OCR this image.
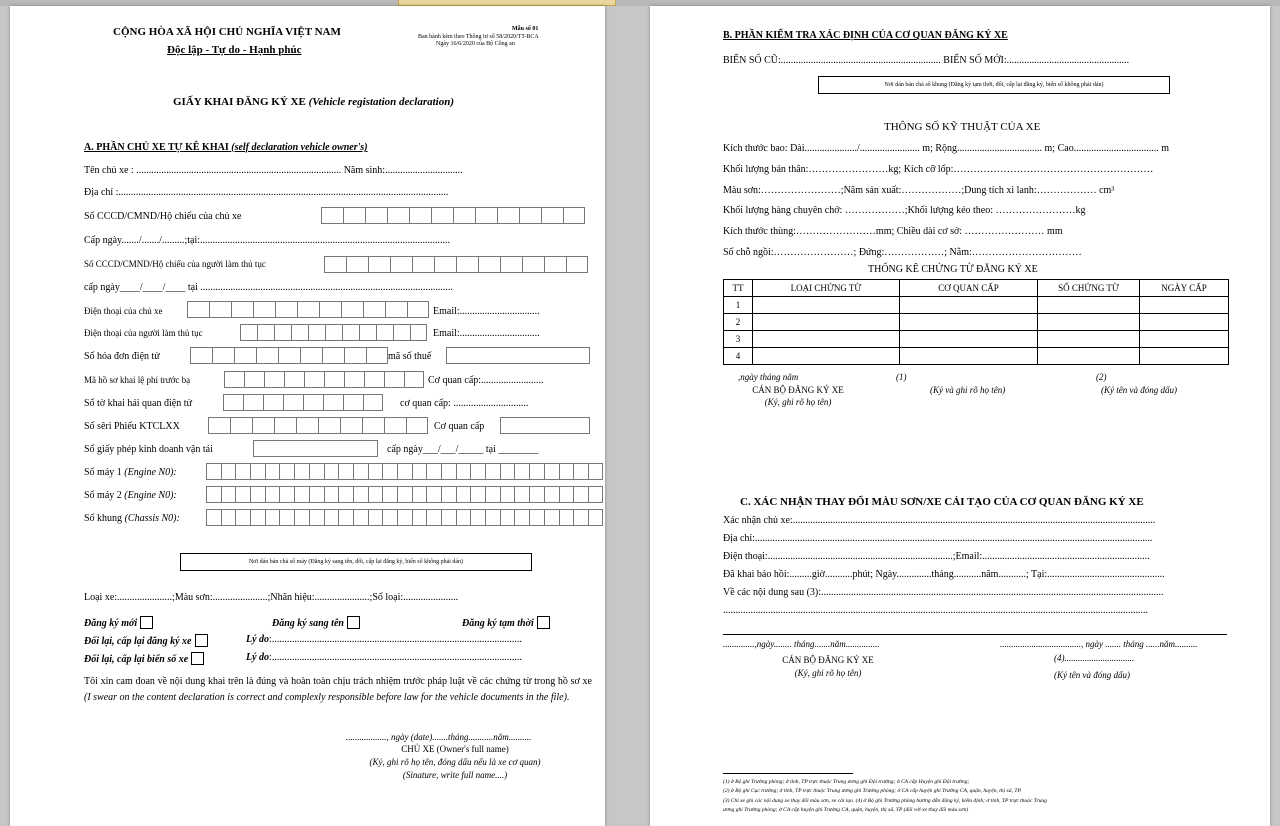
CỘNG HÒA XÃ HỘI CHỦ NGHĨA VIỆT NAM
Độc lập - Tự do - Hạnh phúc
Mẫu số 01
Ban hành kèm theo Thông tư số 58/2020/TT-BCA
Ngày 16/6/2020 của Bộ Công an
GIẤY KHAI ĐĂNG KÝ XE (Vehicle registation declaration)
A. PHẦN CHỦ XE TỰ KÊ KHAI (self declaration vehicle owner's)
Tên chủ xe : .................................................................................. Năm sinh:...............................
Địa chỉ :....................................................................................................................................
Số CCCD/CMND/Hộ chiếu của chủ xe
Cấp ngày......./......./.........;tại:....................................................................................................
Số CCCD/CMND/Hộ chiếu của người làm thủ tục
cấp ngày____/____/____ tại .....................................................................................................
Điện thoại của chủ xe	Email:................................
Điện thoại của người làm thủ tục	Email:................................
Số hóa đơn điện tử	mã số thuế
Mã hồ sơ khai lệ phí trước bạ	Cơ quan cấp:.........................
Số tờ khai hải quan điện tử	cơ quan cấp: ..............................
Số sêri Phiếu KTCLXX	Cơ quan cấp
Số giấy phép kinh doanh vận tải	cấp ngày___/___/_____ tại ________
Số máy 1 (Engine N0):
Số máy 2 (Engine N0):
Số khung (Chassis N0):
Nơi dán bản chà số máy (Đăng ký sang tên, đổi, cấp lại đăng ký, biển số không phải dán)
Loại xe:......................;Màu sơn:......................;Nhãn hiệu:......................;Số loại:......................
Đăng ký mới	Đăng ký sang tên	Đăng ký tạm thời
Đổi lại, cấp lại đăng ký xe	Lý do:....................................................................................................
Đổi lại, cấp lại biển số xe	Lý do:....................................................................................................
Tôi xin cam đoan về nội dung khai trên là đúng và hoàn toàn chịu trách nhiệm trước pháp luật về các chứng từ trong hồ sơ xe (I swear on the content declaration is correct and complexly responsible before law for the vehicle documents in the file).
.................., ngày (date).......tháng...........năm..........
CHỦ XE (Owner's full name)
(Ký, ghi rõ họ tên, đóng dấu nếu là xe cơ quan)
(Sinature, write full name....)
B. PHẦN KIỂM TRA XÁC ĐỊNH CỦA CƠ QUAN ĐĂNG KÝ XE
BIỂN SỐ CŨ:................................................................ BIỂN SỐ MỚI:.................................................
Nơi dán bản chà số khung (Đăng ký tạm thời, đổi, cấp lại đăng ký, biển số không phải dán)
THÔNG SỐ KỸ THUẬT CỦA XE
Kích thước bao: Dài...................../........................ m; Rộng.................................. m; Cao.................................. m
Khối lượng bản thân:……………………kg; Kích cỡ lốp:……………………………………………………
Màu sơn:……………………;Năm sản xuất:………………;Dung tích xi lanh:……………… cm³
Khối lượng hàng chuyên chở: ………………;Khối lượng kéo theo: ……………………kg
Kích thước thùng:……………………mm; Chiều dài cơ sở: …………………… mm
Số chỗ ngồi:……………………; Đứng:………………; Nằm:……………………………
THỐNG KÊ CHỨNG TỪ ĐĂNG KÝ XE
TT	LOẠI CHỨNG TỪ	CƠ QUAN CẤP	SỐ CHỨNG TỪ	NGÀY CẤP
1				
2				
3				
4				
,ngày tháng năm
CÁN BỘ ĐĂNG KÝ XE
(Ký, ghi rõ họ tên)
(1)
(Ký và ghi rõ họ tên)
(2)
(Ký tên và đóng dấu)
C. XÁC NHẬN THAY ĐỔI MÀU SƠN/XE CẢI TẠO CỦA CƠ QUAN ĐĂNG KÝ XE
Xác nhận chủ xe:.................................................................................................................................................
Địa chỉ:...............................................................................................................................................................
Điện thoại:..........................................................................;Email:...................................................................
Đã khai báo hồi:.........giờ...........phút; Ngày..............tháng...........năm...........; Tại:...............................................
Về các nội dung sau (3):.........................................................................................................................................
..........................................................................................................................................................................
..............,ngày........ tháng.......năm...............
CÁN BỘ ĐĂNG KÝ XE
(Ký, ghi rõ họ tên)
...................................., ngày ....... tháng ......năm..........
(4)...............................
(Ký tên và đóng dấu)
(1) ở Bộ ghi Trưởng phòng; ở tỉnh, TP trực thuộc Trung ương ghi Đội trưởng; ở CA cấp Huyện ghi Đội trưởng;
(2) ở Bộ ghi Cục trưởng; ở tỉnh, TP trực thuộc Trung ương ghi Trưởng phòng; ở CA cấp huyện ghi Trưởng CA, quận, huyện, thị xã, TP.
(3) Chỉ xe ghi các nội dung xe thay đổi màu sơn, xe cải tạo. (4) ở Bộ ghi Trưởng phòng hướng dẫn đăng ký, kiểm định; ở tỉnh, TP trực thuộc Trung
ương ghi Trưởng phòng; ở CA cấp huyện ghi Trưởng CA, quận, huyện, thị xã, TP (đối với xe thay đổi màu sơn)
